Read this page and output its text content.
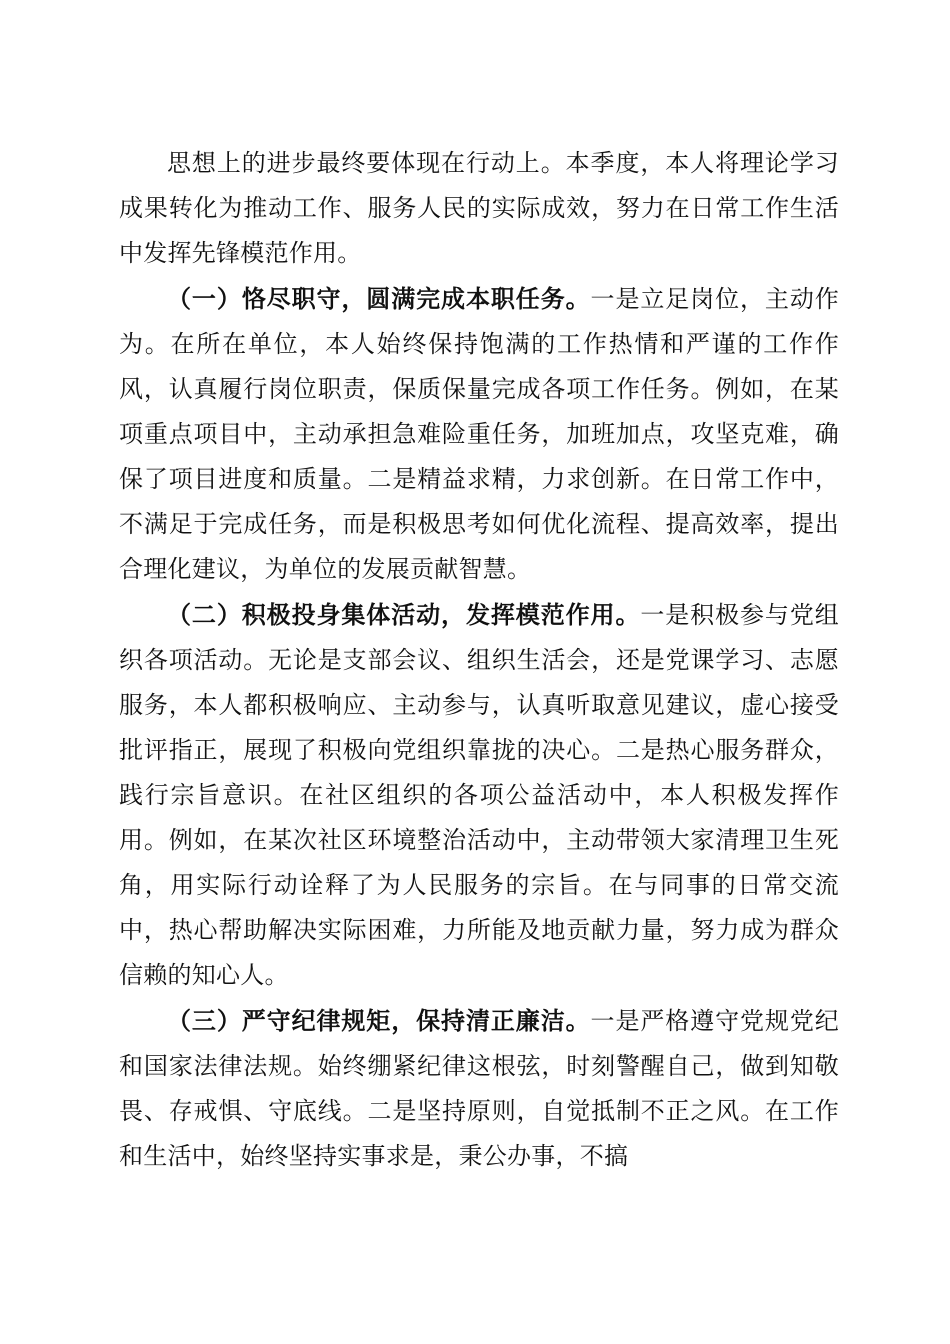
思想上的进步最终要体现在行动上。本季度，本人将理论学习成果转化为推动工作、服务人民的实际成效，努力在日常工作生活中发挥先锋模范作用。

（一）恪尽职守，圆满完成本职任务。一是立足岗位，主动作为。在所在单位，本人始终保持饱满的工作热情和严谨的工作作风，认真履行岗位职责，保质保量完成各项工作任务。例如，在某项重点项目中，主动承担急难险重任务，加班加点，攻坚克难，确保了项目进度和质量。二是精益求精，力求创新。在日常工作中，不满足于完成任务，而是积极思考如何优化流程、提高效率，提出合理化建议，为单位的发展贡献智慧。

（二）积极投身集体活动，发挥模范作用。一是积极参与党组织各项活动。无论是支部会议、组织生活会，还是党课学习、志愿服务，本人都积极响应、主动参与，认真听取意见建议，虚心接受批评指正，展现了积极向党组织靠拢的决心。二是热心服务群众，践行宗旨意识。在社区组织的各项公益活动中，本人积极发挥作用。例如，在某次社区环境整治活动中，主动带领大家清理卫生死角，用实际行动诠释了为人民服务的宗旨。在与同事的日常交流中，热心帮助解决实际困难，力所能及地贡献力量，努力成为群众信赖的知心人。

（三）严守纪律规矩，保持清正廉洁。一是严格遵守党规党纪和国家法律法规。始终绷紧纪律这根弦，时刻警醒自己，做到知敬畏、存戒惧、守底线。二是坚持原则，自觉抵制不正之风。在工作和生活中，始终坚持实事求是，秉公办事，不搞
